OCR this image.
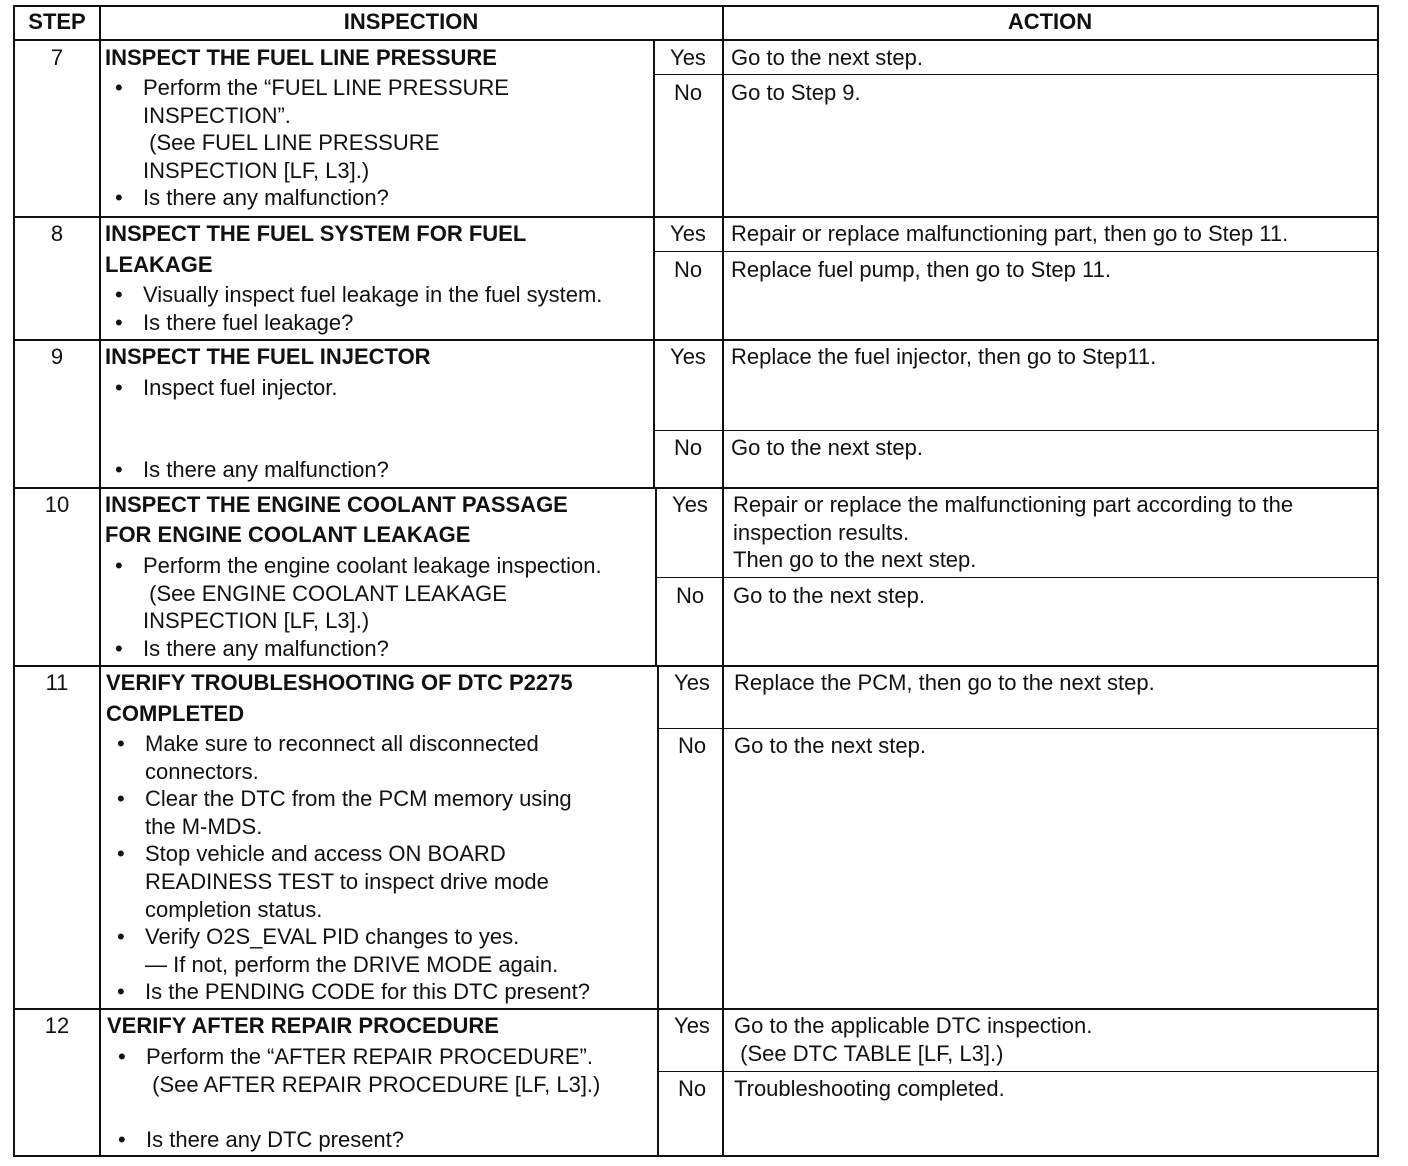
STEP	INSPECTION	ACTION
7	INSPECT THE FUEL LINE PRESSURE
• Perform the “FUEL LINE PRESSURE
INSPECTION”.
(See FUEL LINE PRESSURE
INSPECTION [LF, L3].)
• Is there any malfunction?
Yes	Go to the next step.
No	Go to Step 9.
8	INSPECT THE FUEL SYSTEM FOR FUEL
LEAKAGE
• Visually inspect fuel leakage in the fuel system.
• Is there fuel leakage?
Yes	Repair or replace malfunctioning part, then go to Step 11.
No	Replace fuel pump, then go to Step 11.
9	INSPECT THE FUEL INJECTOR
• Inspect fuel injector.
• Is there any malfunction?
Yes	Replace the fuel injector, then go to Step11.
No	Go to the next step.
10	INSPECT THE ENGINE COOLANT PASSAGE
FOR ENGINE COOLANT LEAKAGE
• Perform the engine coolant leakage inspection.
(See ENGINE COOLANT LEAKAGE
INSPECTION [LF, L3].)
• Is there any malfunction?
Yes	Repair or replace the malfunctioning part according to the
inspection results.
Then go to the next step.
No	Go to the next step.
11	VERIFY TROUBLESHOOTING OF DTC P2275
COMPLETED
• Make sure to reconnect all disconnected
connectors.
• Clear the DTC from the PCM memory using
the M-MDS.
• Stop vehicle and access ON BOARD
READINESS TEST to inspect drive mode
completion status.
• Verify O2S_EVAL PID changes to yes.
— If not, perform the DRIVE MODE again.
• Is the PENDING CODE for this DTC present?
Yes	Replace the PCM, then go to the next step.
No	Go to the next step.
12	VERIFY AFTER REPAIR PROCEDURE
• Perform the “AFTER REPAIR PROCEDURE”.
(See AFTER REPAIR PROCEDURE [LF, L3].)
• Is there any DTC present?
Yes	Go to the applicable DTC inspection.
(See DTC TABLE [LF, L3].)
No	Troubleshooting completed.
